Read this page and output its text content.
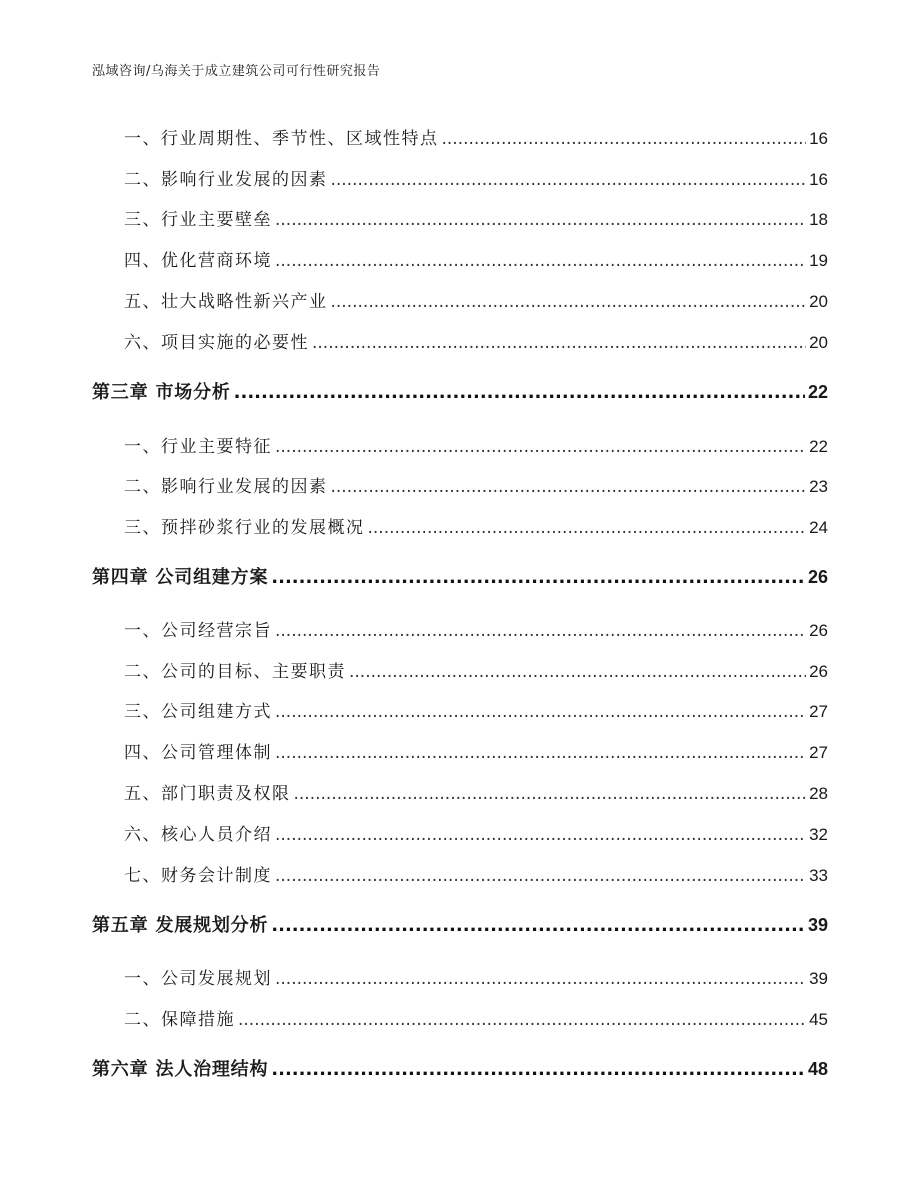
泓域咨询/乌海关于成立建筑公司可行性研究报告
一、 行业周期性、季节性、区域性特点 .....	16
二、 影响行业发展的因素 .....	16
三、 行业主要壁垒 .....	18
四、 优化营商环境 .....	19
五、 壮大战略性新兴产业 .....	20
六、 项目实施的必要性 .....	20
第三章 市场分析 .....	22
一、 行业主要特征 .....	22
二、 影响行业发展的因素 .....	23
三、 预拌砂浆行业的发展概况 .....	24
第四章 公司组建方案 .....	26
一、 公司经营宗旨 .....	26
二、 公司的目标、主要职责 .....	26
三、 公司组建方式 .....	27
四、 公司管理体制 .....	27
五、 部门职责及权限 .....	28
六、 核心人员介绍 .....	32
七、 财务会计制度 .....	33
第五章 发展规划分析 .....	39
一、 公司发展规划 .....	39
二、 保障措施 .....	45
第六章 法人治理结构 .....	48
